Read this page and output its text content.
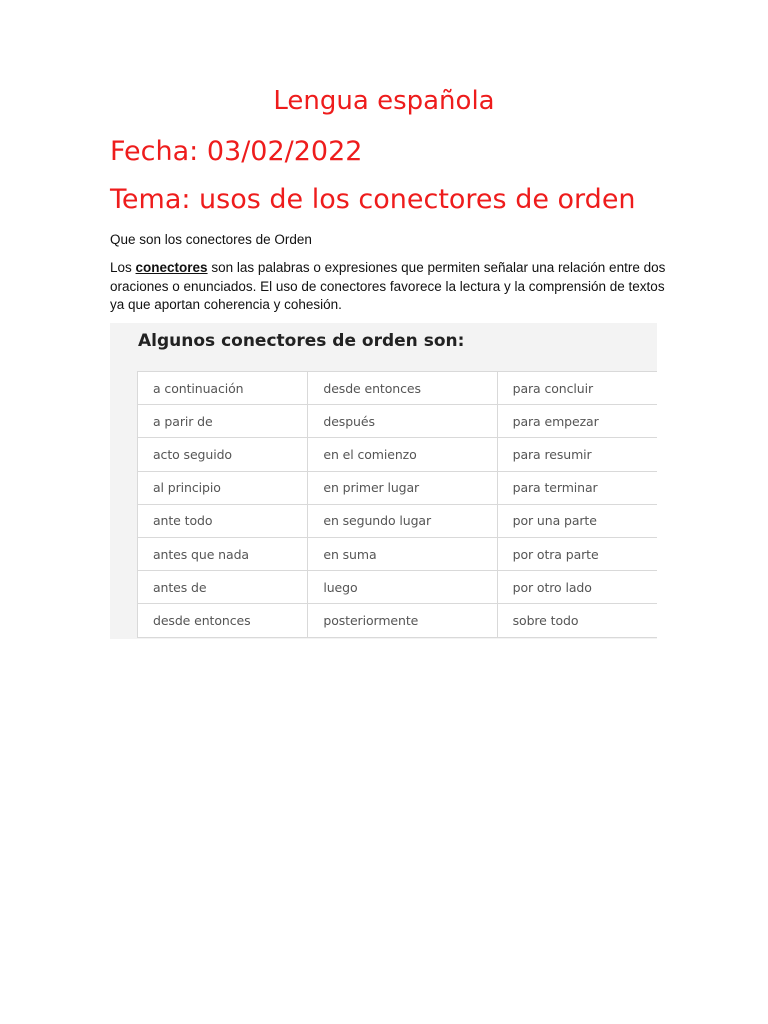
Lengua española
Fecha: 03/02/2022
Tema: usos de los conectores de orden
Que son los conectores de Orden
Los conectores son las palabras o expresiones que permiten señalar una relación entre dos oraciones o enunciados. El uso de conectores favorece la lectura y la comprensión de textos ya que aportan coherencia y cohesión.
Algunos conectores de orden son:
a continuación	desde entonces	para concluir
a parir de	después	para empezar
acto seguido	en el comienzo	para resumir
al principio	en primer lugar	para terminar
ante todo	en segundo lugar	por una parte
antes que nada	en suma	por otra parte
antes de	luego	por otro lado
desde entonces	posteriormente	sobre todo
